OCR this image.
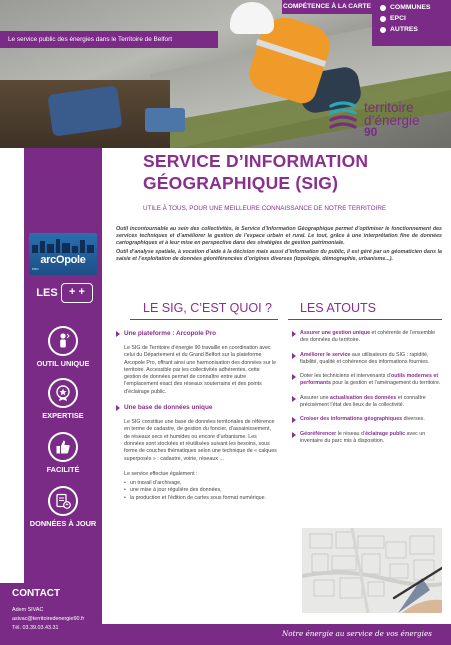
Le service public des énergies dans le Territoire de Belfort
COMPÉTENCE À LA CARTE	COMMUNES
EPCI
AUTRES
territoire
d’énergie
90
arcOpole
PRO
LES	+ +
OUTIL UNIQUE
EXPERTISE
FACILITÉ
DONNÉES À JOUR
CONTACT
Adem SIVAC
asivac@territoiredenergie90.fr
Tél. 03.39.03.43.31
SERVICE D’INFORMATION
GÉOGRAPHIQUE (SIG)
UTILE À TOUS, POUR UNE MEILLEURE CONNAISSANCE DE NOTRE TERRITOIRE

Outil incontournable au sein des collectivités, le Service d’Information Géographique permet d’optimiser le fonctionnement des services techniques et d’améliorer la gestion de l’espace urbain et rural. Le tout, grâce à une interprétation fine de données cartographiques et à leur mise en perspective dans des stratégies de gestion patrimoniale.

Outil d’analyse spatiale, à vocation d’aide à la décision mais aussi d’information du public, il est géré par un géomaticien dans la saisie et l’exploitation de données géoréférencées d’origines diverses (topologie, démographie, urbanisme...).

LE SIG, C’EST QUOI ? LES ATOUTS
Une plateforme : Arcopole Pro
Le SIG de Territoire d’énergie 90 travaille en coordination avec celui du Département et du Grand Belfort sur la plateforme Arcopole Pro, offrant ainsi une harmonisation des données sur le territoire. Accessible par les collectivités adhérentes, cette gestion de données permet de connaître entre autre l’emplacement exact des réseaux souterrains et des points d’éclairage public.
Une base de données unique
Le SIG constitue une base de données territoriales de référence en terme de cadastre, de gestion du foncier, d’assainissement, de réseaux secs et humides ou encore d’urbanisme. Les données sont stockées et réutilisées suivant les besoins, sous forme de couches thématiques selon une technique de « calques superposés » : cadastre, voirie, réseaux ...
Le service effectue également :
• un travail d’archivage,
• une mise à jour régulière des données,
• la production et l’édition de cartes sous format numérique.
Assurer une gestion unique et cohérente de l’ensemble des données du territoire.
Améliorer le service aux utilisateurs du SIG : rapidité, fiabilité, qualité et cohérence des informations fournies.
Doter les techniciens et intervenants d’outils modernes et performants pour la gestion et l’aménagement du territoire.
Assurer une actualisation des données et connaître précisément l’état des lieux de la collectivité.
Croiser des informations géographiques diverses.
Géoréférencer le réseau d’éclairage public avec un inventaire du parc mis à disposition.
Notre énergie au service de vos énergies
